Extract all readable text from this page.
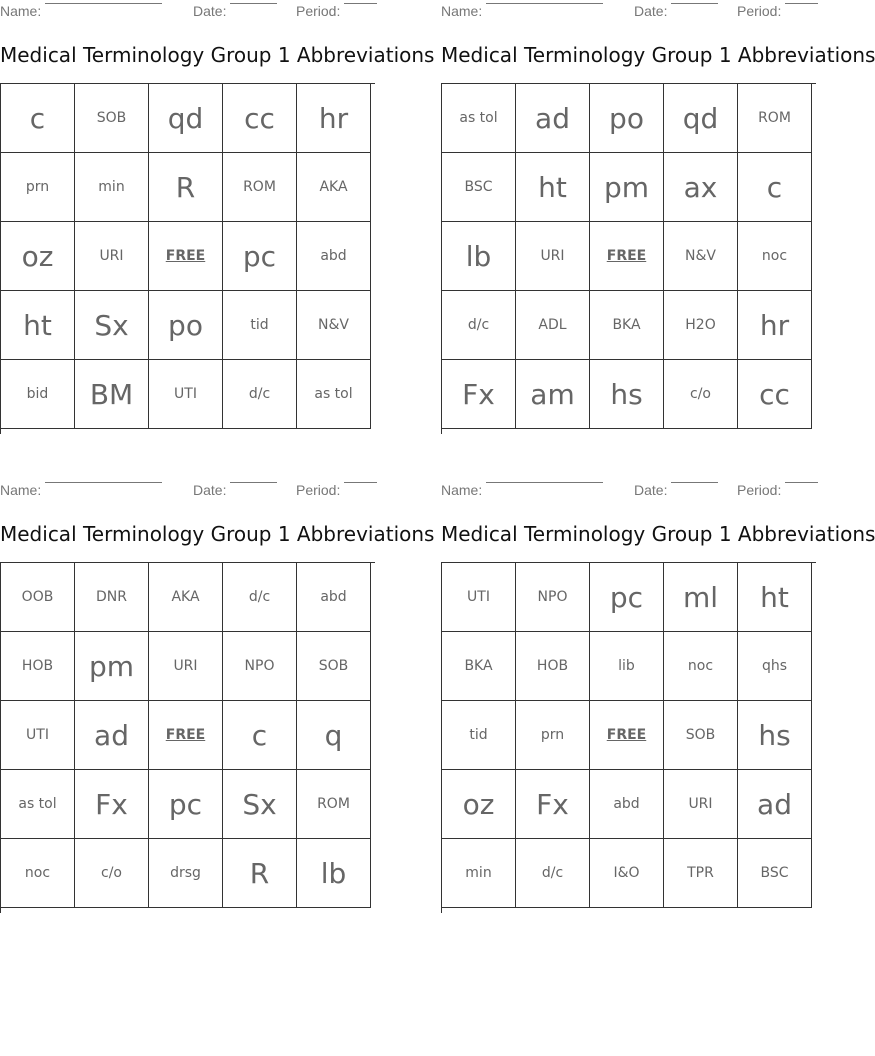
Name:	Date:	Period:
Medical Terminology Group 1 Abbreviations
c	SOB	qd	cc	hr
prn	min	R	ROM	AKA
oz	URI	FREE	pc	abd
ht	Sx	po	tid	N&V
bid	BM	UTI	d/c	as tol
Name:	Date:	Period:
Medical Terminology Group 1 Abbreviations
as tol	ad	po	qd	ROM
BSC	ht	pm	ax	c
lb	URI	FREE	N&V	noc
d/c	ADL	BKA	H2O	hr
Fx	am	hs	c/o	cc
Name:	Date:	Period:
Medical Terminology Group 1 Abbreviations
OOB	DNR	AKA	d/c	abd
HOB	pm	URI	NPO	SOB
UTI	ad	FREE	c	q
as tol	Fx	pc	Sx	ROM
noc	c/o	drsg	R	lb
Name:	Date:	Period:
Medical Terminology Group 1 Abbreviations
UTI	NPO	pc	ml	ht
BKA	HOB	lib	noc	qhs
tid	prn	FREE	SOB	hs
oz	Fx	abd	URI	ad
min	d/c	I&O	TPR	BSC
